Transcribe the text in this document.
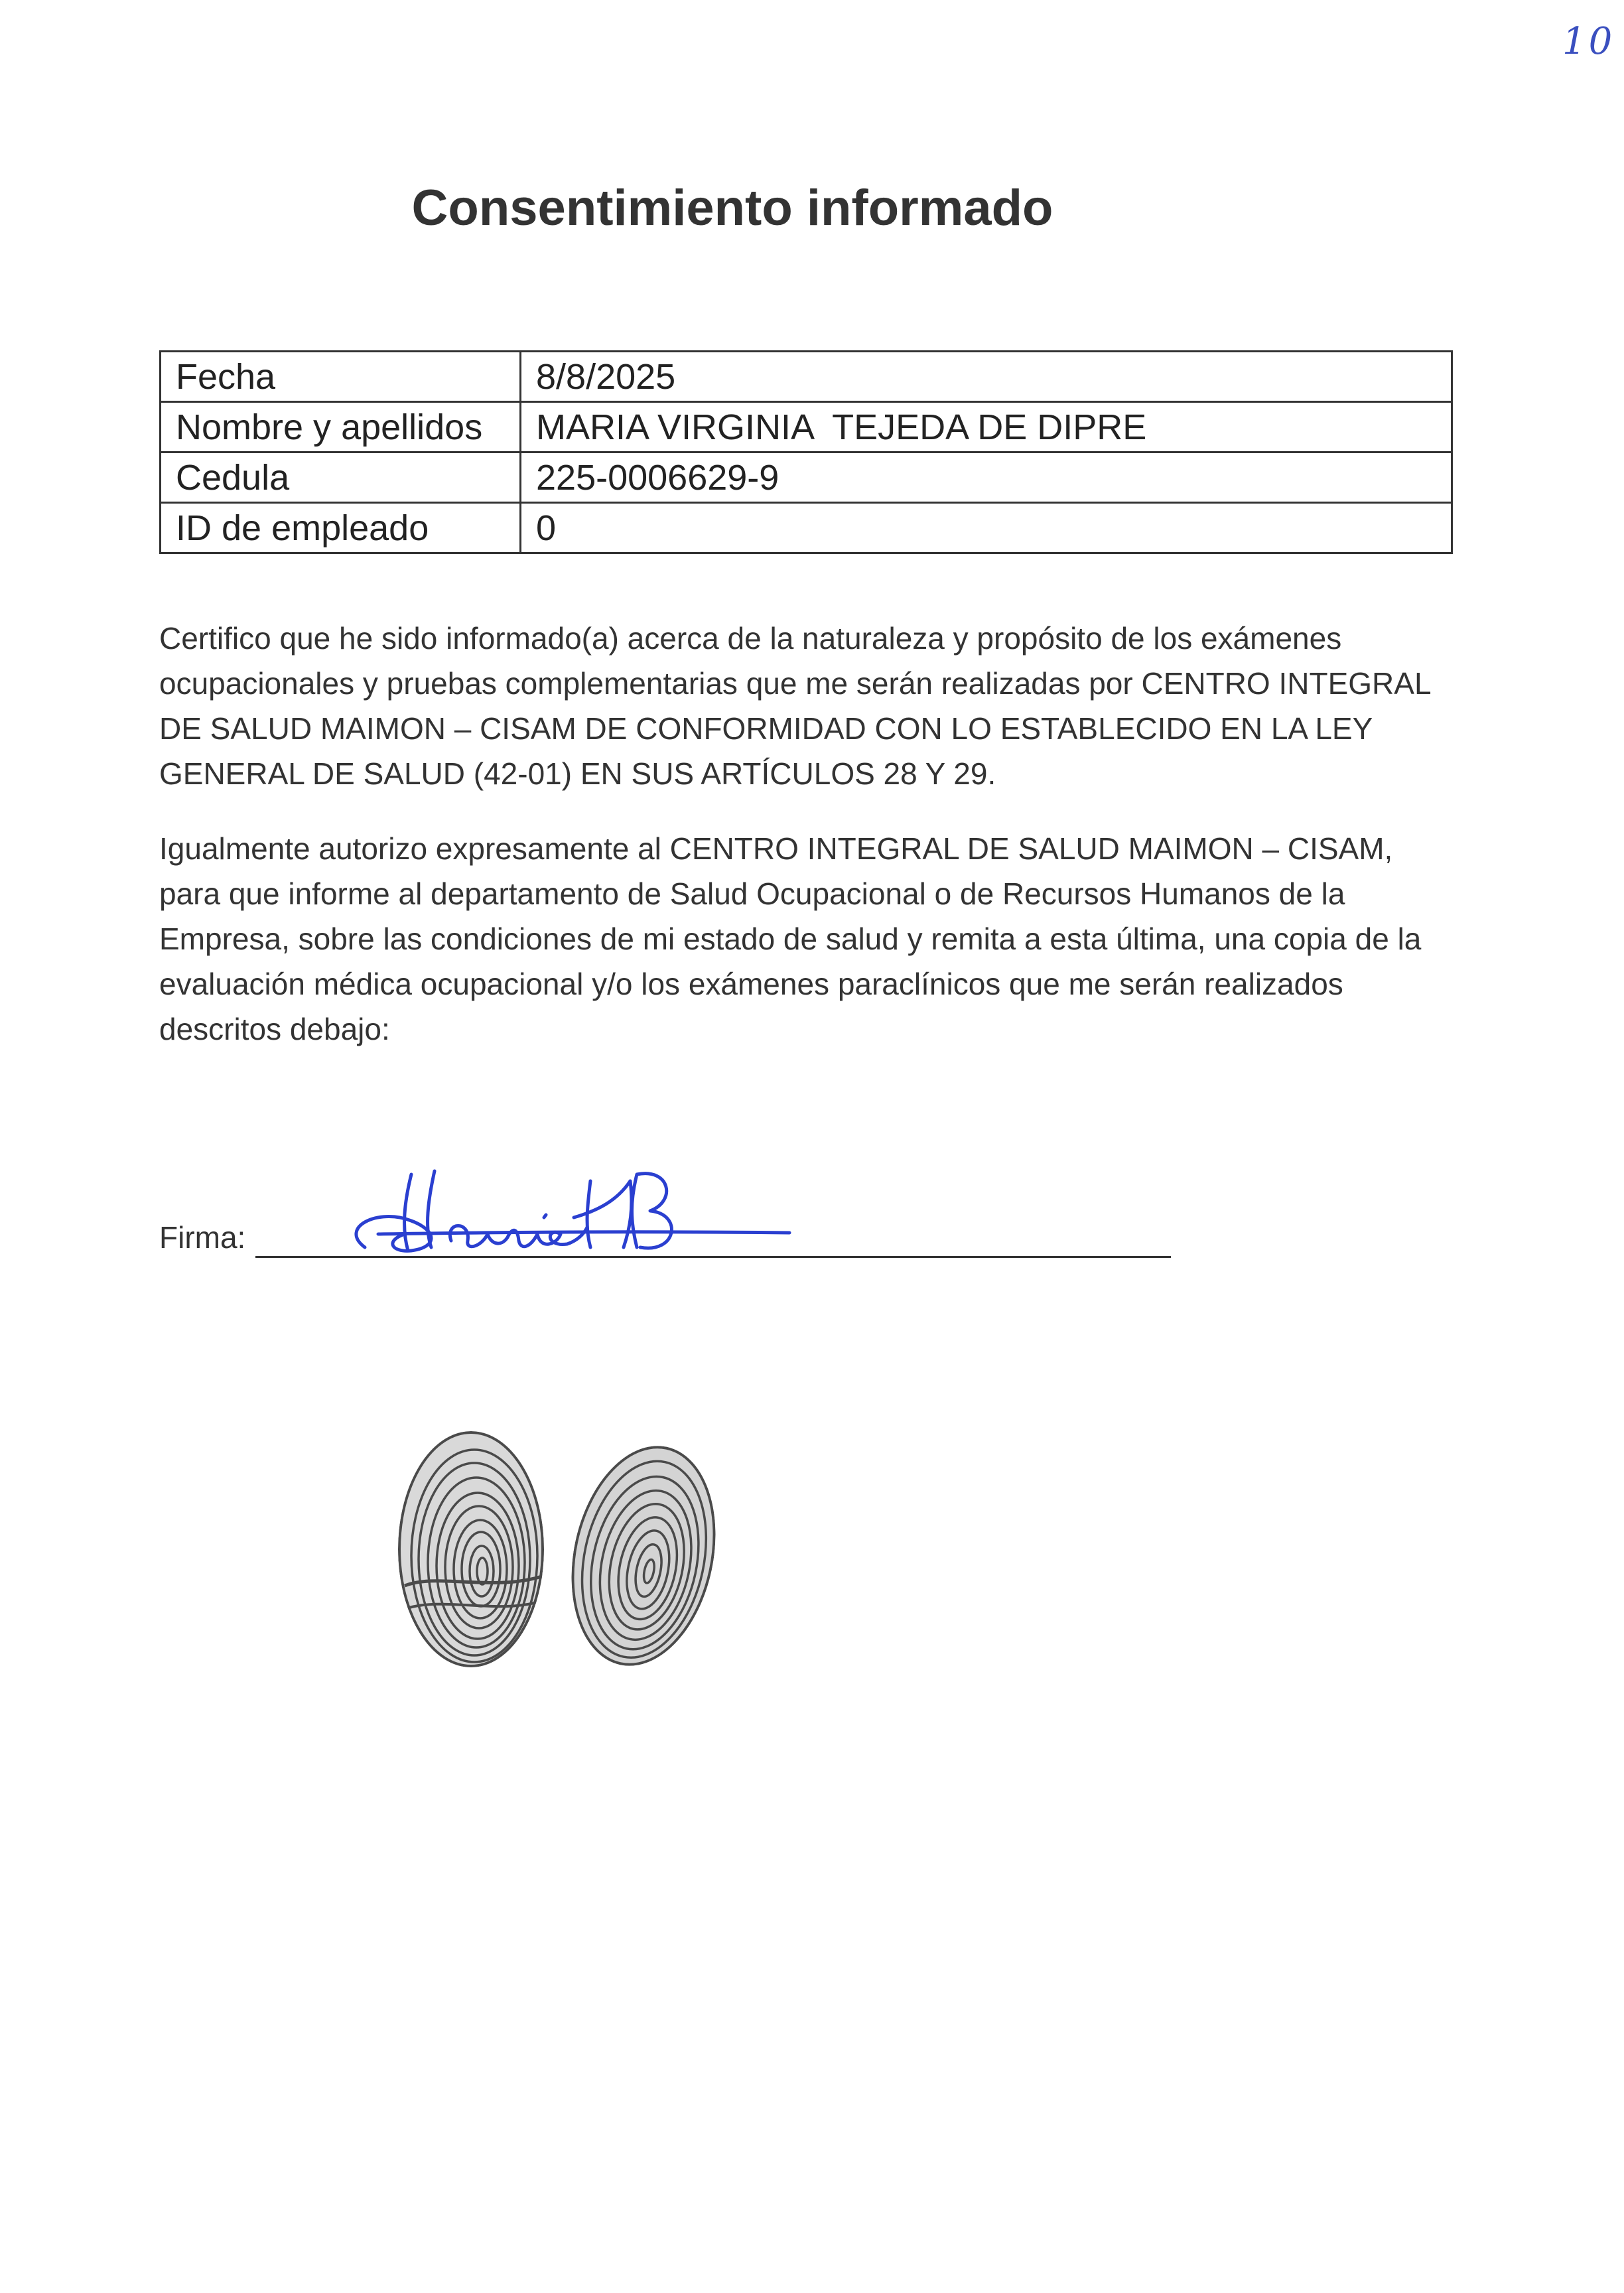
10
Consentimiento informado
Fecha	8/8/2025
Nombre y apellidos	MARIA VIRGINIA  TEJEDA DE DIPRE
Cedula	225-0006629-9
ID de empleado	0

Certifico que he sido informado(a) acerca de la naturaleza y propósito de los exámenes ocupacionales y pruebas complementarias que me serán realizadas por CENTRO INTEGRAL DE SALUD MAIMON – CISAM DE CONFORMIDAD CON LO ESTABLECIDO EN LA LEY GENERAL DE SALUD (42-01) EN SUS ARTÍCULOS 28 Y 29.

Igualmente autorizo expresamente al CENTRO INTEGRAL DE SALUD MAIMON – CISAM, para que informe al departamento de Salud Ocupacional o de Recursos Humanos de la Empresa, sobre las condiciones de mi estado de salud y remita a esta última, una copia de la evaluación médica ocupacional y/o los exámenes paraclínicos que me serán realizados descritos debajo:

Firma:
